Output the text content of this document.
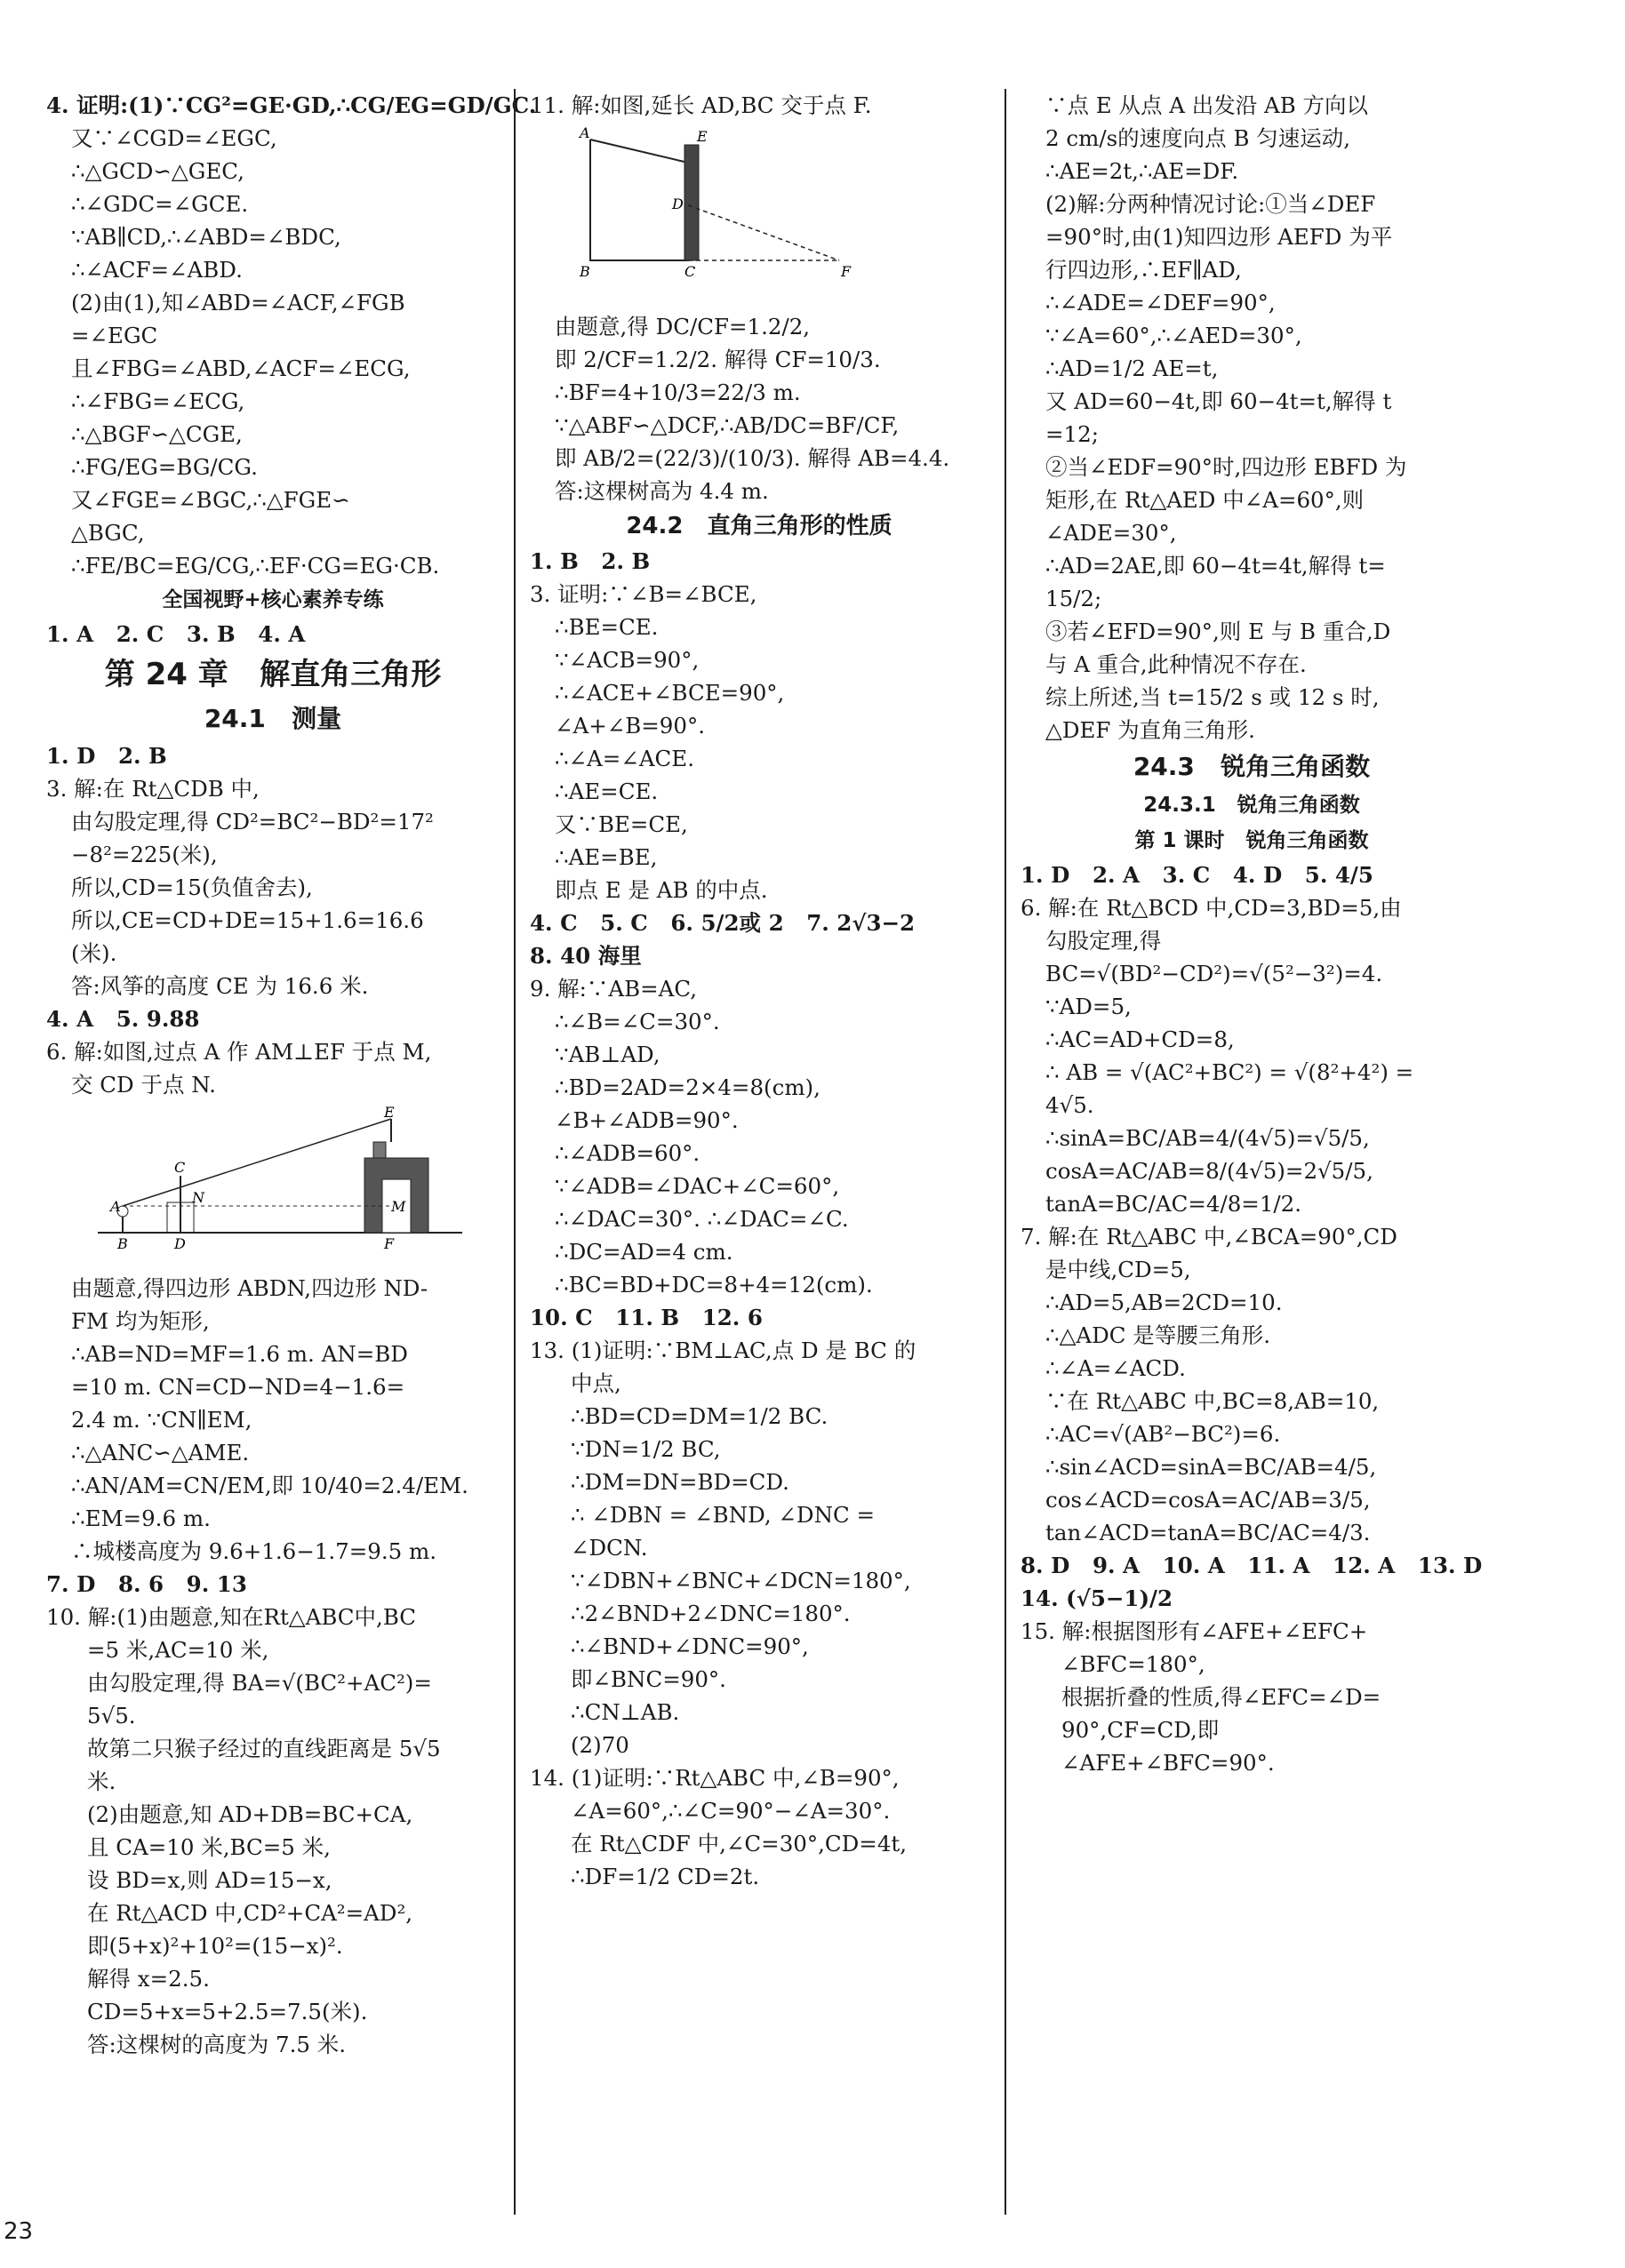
4. 证明:(1)∵CG²=GE·GD,∴CG/EG=GD/GC.
又∵∠CGD=∠EGC,
∴△GCD∽△GEC,
∴∠GDC=∠GCE.
∵AB∥CD,∴∠ABD=∠BDC,
∴∠ACF=∠ABD.
(2)由(1),知∠ABD=∠ACF,∠FGB
=∠EGC
且∠FBG=∠ABD,∠ACF=∠ECG,
∴∠FBG=∠ECG,
∴△BGF∽△CGE,
∴FG/EG=BG/CG.
又∠FGE=∠BGC,∴△FGE∽
△BGC,
∴FE/BC=EG/CG,∴EF·CG=EG·CB.
全国视野+核心素养专练
1. A   2. C   3. B   4. A
第 24 章   解直角三角形
24.1   测量
1. D   2. B
3. 解:在 Rt△CDB 中,
由勾股定理,得 CD²=BC²−BD²=17²
−8²=225(米),
所以,CD=15(负值舍去),
所以,CE=CD+DE=15+1.6=16.6
(米).
答:风筝的高度 CE 为 16.6 米.
4. A   5. 9.88
6. 解:如图,过点 A 作 AM⊥EF 于点 M,
交 CD 于点 N.
A
B
C
D
N
E
F
M
由题意,得四边形 ABDN,四边形 ND-
FM 均为矩形,
∴AB=ND=MF=1.6 m. AN=BD
=10 m. CN=CD−ND=4−1.6=
2.4 m. ∵CN∥EM,
∴△ANC∽△AME.
∴AN/AM=CN/EM,即 10/40=2.4/EM.
∴EM=9.6 m.
∴城楼高度为 9.6+1.6−1.7=9.5 m.
7. D   8. 6   9. 13
10. 解:(1)由题意,知在Rt△ABC中,BC
=5 米,AC=10 米,
由勾股定理,得 BA=√(BC²+AC²)=
5√5.
故第二只猴子经过的直线距离是 5√5
米.
(2)由题意,知 AD+DB=BC+CA,
且 CA=10 米,BC=5 米,
设 BD=x,则 AD=15−x,
在 Rt△ACD 中,CD²+CA²=AD²,
即(5+x)²+10²=(15−x)².
解得 x=2.5.
CD=5+x=5+2.5=7.5(米).
答:这棵树的高度为 7.5 米.
11. 解:如图,延长 AD,BC 交于点 F.
A
B	C
D
E
F
由题意,得 DC/CF=1.2/2,
即 2/CF=1.2/2. 解得 CF=10/3.
∴BF=4+10/3=22/3 m.
∵△ABF∽△DCF,∴AB/DC=BF/CF,
即 AB/2=(22/3)/(10/3). 解得 AB=4.4.
答:这棵树高为 4.4 m.
24.2   直角三角形的性质
1. B   2. B
3. 证明:∵∠B=∠BCE,
∴BE=CE.
∵∠ACB=90°,
∴∠ACE+∠BCE=90°,
∠A+∠B=90°.
∴∠A=∠ACE.
∴AE=CE.
又∵BE=CE,
∴AE=BE,
即点 E 是 AB 的中点.
4. C   5. C   6. 5/2或 2   7. 2√3−2
8. 40 海里
9. 解:∵AB=AC,
∴∠B=∠C=30°.
∵AB⊥AD,
∴BD=2AD=2×4=8(cm),
∠B+∠ADB=90°.
∴∠ADB=60°.
∵∠ADB=∠DAC+∠C=60°,
∴∠DAC=30°. ∴∠DAC=∠C.
∴DC=AD=4 cm.
∴BC=BD+DC=8+4=12(cm).
10. C   11. B   12. 6
13. (1)证明:∵BM⊥AC,点 D 是 BC 的
中点,
∴BD=CD=DM=1/2 BC.
∵DN=1/2 BC,
∴DM=DN=BD=CD.
∴ ∠DBN = ∠BND, ∠DNC =
∠DCN.
∵∠DBN+∠BNC+∠DCN=180°,
∴2∠BND+2∠DNC=180°.
∴∠BND+∠DNC=90°,
即∠BNC=90°.
∴CN⊥AB.
(2)70
14. (1)证明:∵Rt△ABC 中,∠B=90°,
∠A=60°,∴∠C=90°−∠A=30°.
在 Rt△CDF 中,∠C=30°,CD=4t,
∴DF=1/2 CD=2t.
∵点 E 从点 A 出发沿 AB 方向以
2 cm/s的速度向点 B 匀速运动,
∴AE=2t,∴AE=DF.
(2)解:分两种情况讨论:①当∠DEF
=90°时,由(1)知四边形 AEFD 为平
行四边形,∴EF∥AD,
∴∠ADE=∠DEF=90°,
∵∠A=60°,∴∠AED=30°,
∴AD=1/2 AE=t,
又 AD=60−4t,即 60−4t=t,解得 t
=12;
②当∠EDF=90°时,四边形 EBFD 为
矩形,在 Rt△AED 中∠A=60°,则
∠ADE=30°,
∴AD=2AE,即 60−4t=4t,解得 t=
15/2;
③若∠EFD=90°,则 E 与 B 重合,D
与 A 重合,此种情况不存在.
综上所述,当 t=15/2 s 或 12 s 时,
△DEF 为直角三角形.
24.3   锐角三角函数
24.3.1   锐角三角函数
第 1 课时   锐角三角函数
1. D   2. A   3. C   4. D   5. 4/5
6. 解:在 Rt△BCD 中,CD=3,BD=5,由
勾股定理,得
BC=√(BD²−CD²)=√(5²−3²)=4.
∵AD=5,
∴AC=AD+CD=8,
∴ AB = √(AC²+BC²) = √(8²+4²) =
4√5.
∴sinA=BC/AB=4/(4√5)=√5/5,
cosA=AC/AB=8/(4√5)=2√5/5,
tanA=BC/AC=4/8=1/2.
7. 解:在 Rt△ABC 中,∠BCA=90°,CD
是中线,CD=5,
∴AD=5,AB=2CD=10.
∴△ADC 是等腰三角形.
∴∠A=∠ACD.
∵在 Rt△ABC 中,BC=8,AB=10,
∴AC=√(AB²−BC²)=6.
∴sin∠ACD=sinA=BC/AB=4/5,
cos∠ACD=cosA=AC/AB=3/5,
tan∠ACD=tanA=BC/AC=4/3.
8. D   9. A   10. A   11. A   12. A   13. D
14. (√5−1)/2
15. 解:根据图形有∠AFE+∠EFC+
∠BFC=180°,
根据折叠的性质,得∠EFC=∠D=
90°,CF=CD,即
∠AFE+∠BFC=90°.
23
